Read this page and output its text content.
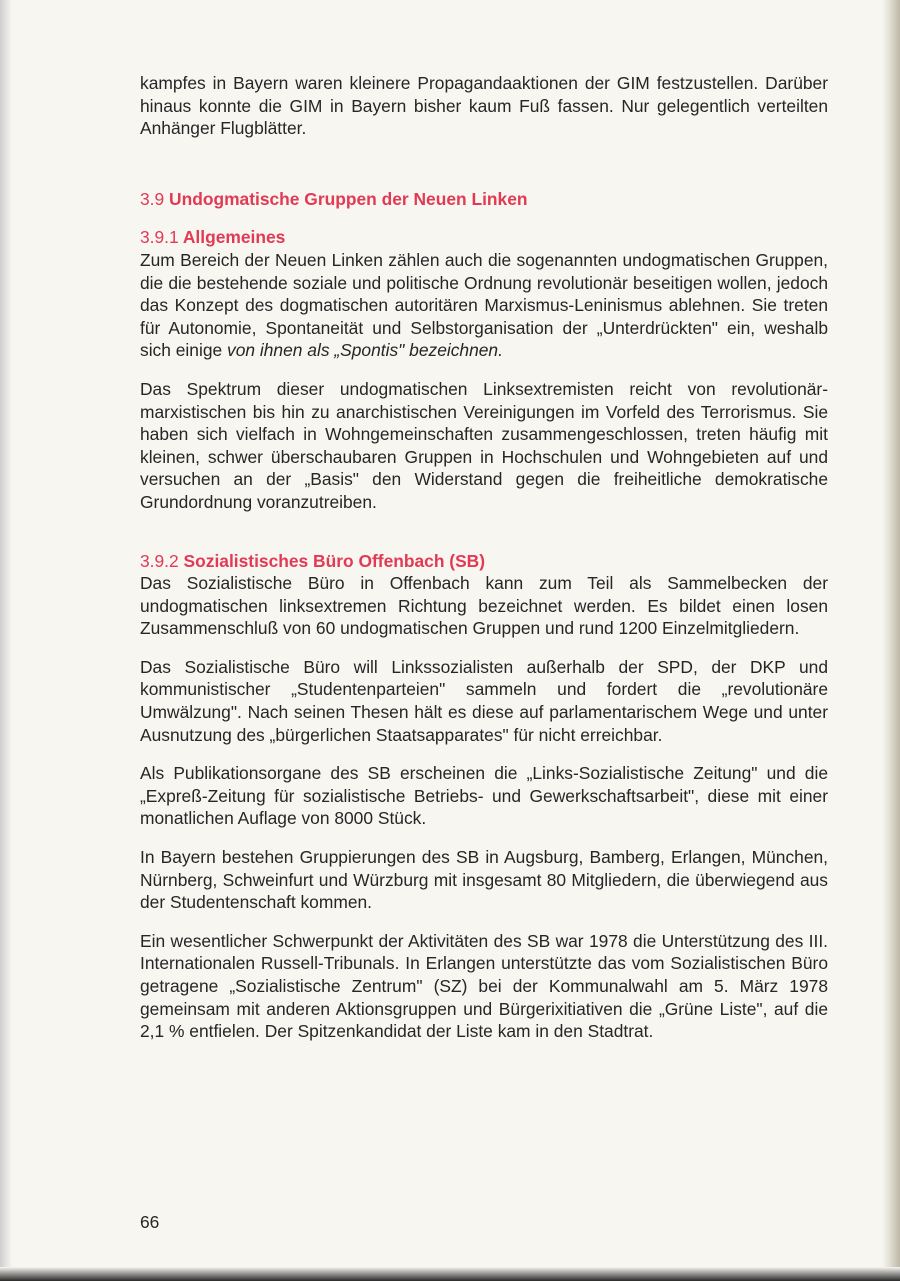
kampfes in Bayern waren kleinere Propagandaaktionen der GIM festzustellen. Darüber hinaus konnte die GIM in Bayern bisher kaum Fuß fassen. Nur gelegentlich verteilten Anhänger Flugblätter.

3.9 Undogmatische Gruppen der Neuen Linken
3.9.1 Allgemeines

Zum Bereich der Neuen Linken zählen auch die sogenannten undogmatischen Gruppen, die die bestehende soziale und politische Ordnung revolutionär beseitigen wollen, jedoch das Konzept des dogmatischen autoritären Marxismus-Leninismus ablehnen. Sie treten für Autonomie, Spontaneität und Selbstorganisation der „Unterdrückten" ein, weshalb sich einige von ihnen als „Spontis" bezeichnen.

Das Spektrum dieser undogmatischen Linksextremisten reicht von revolutionär-marxistischen bis hin zu anarchistischen Vereinigungen im Vorfeld des Terrorismus. Sie haben sich vielfach in Wohngemeinschaften zusammengeschlossen, treten häufig mit kleinen, schwer überschaubaren Gruppen in Hochschulen und Wohngebieten auf und versuchen an der „Basis" den Widerstand gegen die freiheitliche demokratische Grundordnung voranzutreiben.

3.9.2 Sozialistisches Büro Offenbach (SB)

Das Sozialistische Büro in Offenbach kann zum Teil als Sammelbecken der undogmatischen linksextremen Richtung bezeichnet werden. Es bildet einen losen Zusammenschluß von 60 undogmatischen Gruppen und rund 1200 Einzelmitgliedern.

Das Sozialistische Büro will Linkssozialisten außerhalb der SPD, der DKP und kommunistischer „Studentenparteien" sammeln und fordert die „revolutionäre Umwälzung". Nach seinen Thesen hält es diese auf parlamentarischem Wege und unter Ausnutzung des „bürgerlichen Staatsapparates" für nicht erreichbar.

Als Publikationsorgane des SB erscheinen die „Links-Sozialistische Zeitung" und die „Expreß-Zeitung für sozialistische Betriebs- und Gewerkschaftsarbeit", diese mit einer monatlichen Auflage von 8000 Stück.

In Bayern bestehen Gruppierungen des SB in Augsburg, Bamberg, Erlangen, München, Nürnberg, Schweinfurt und Würzburg mit insgesamt 80 Mitgliedern, die überwiegend aus der Studentenschaft kommen.

Ein wesentlicher Schwerpunkt der Aktivitäten des SB war 1978 die Unterstützung des III. Internationalen Russell-Tribunals. In Erlangen unterstützte das vom Sozialistischen Büro getragene „Sozialistische Zentrum" (SZ) bei der Kommunalwahl am 5. März 1978 gemeinsam mit anderen Aktionsgruppen und Bürgerixitiativen die „Grüne Liste", auf die 2,1 % entfielen. Der Spitzenkandidat der Liste kam in den Stadtrat.

66
